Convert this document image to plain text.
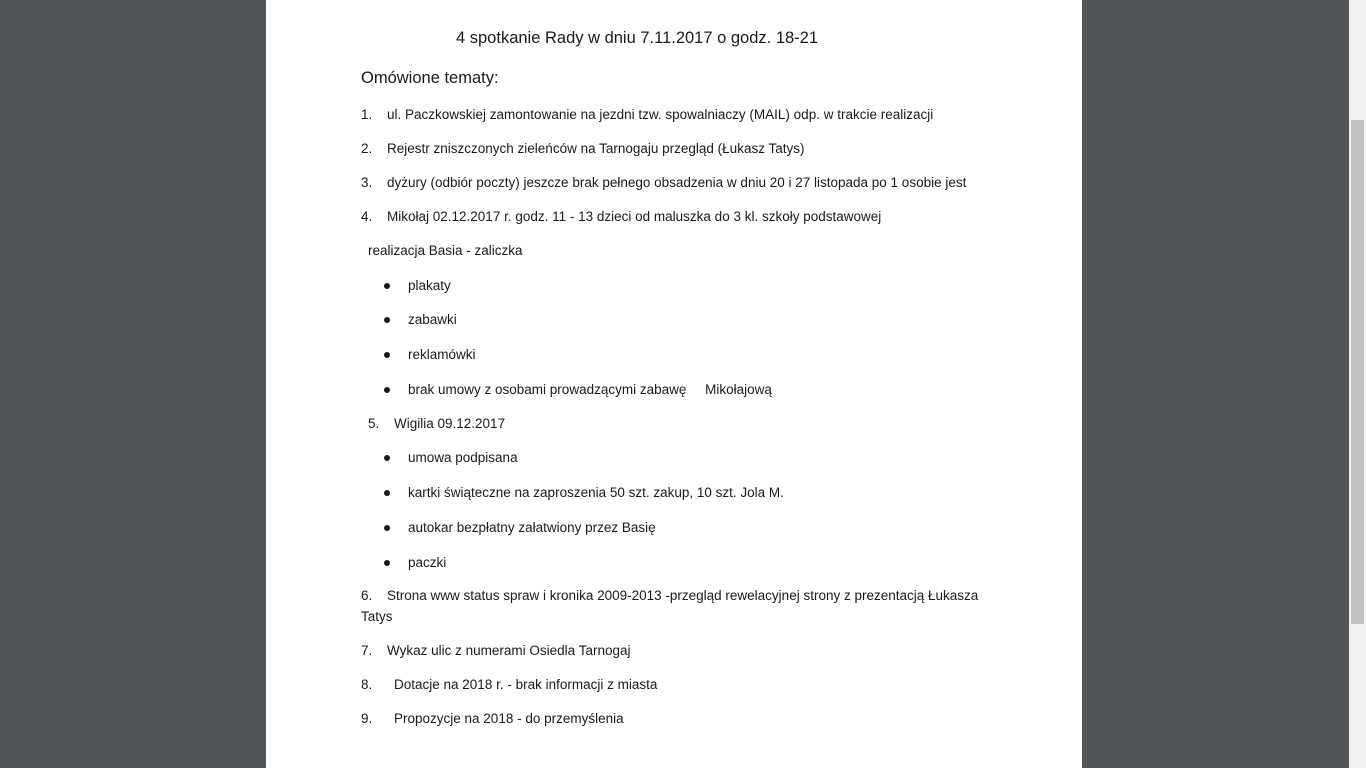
4 spotkanie Rady w dniu 7.11.2017 o godz. 18-21
Omówione tematy:
1. ul. Paczkowskiej zamontowanie na jezdni tzw. spowalniaczy (MAIL) odp. w trakcie realizacji
2. Rejestr zniszczonych zieleńców na Tarnogaju przegląd (Łukasz Tatys)
3. dyżury (odbiór poczty) jeszcze brak pełnego obsadzenia w dniu 20 i 27 listopada po 1 osobie jest
4. Mikołaj 02.12.2017 r. godz. 11 - 13 dzieci od maluszka do 3 kl. szkoły podstawowej
realizacja Basia - zaliczka
plakaty
zabawki
reklamówki
brak umowy z osobami prowadzącymi zabawę     Mikołajową
5. Wigilia 09.12.2017
umowa podpisana
kartki świąteczne na zaproszenia 50 szt. zakup, 10 szt. Jola M.
autokar bezpłatny załatwiony przez Basię
paczki
6. Strona www status spraw i kronika 2009-2013 -przegląd rewelacyjnej strony z prezentacją Łukasza
Tatys
7. Wykaz ulic z numerami Osiedla Tarnogaj
8. Dotacje na 2018 r. - brak informacji z miasta
9. Propozycje na 2018 - do przemyślenia
